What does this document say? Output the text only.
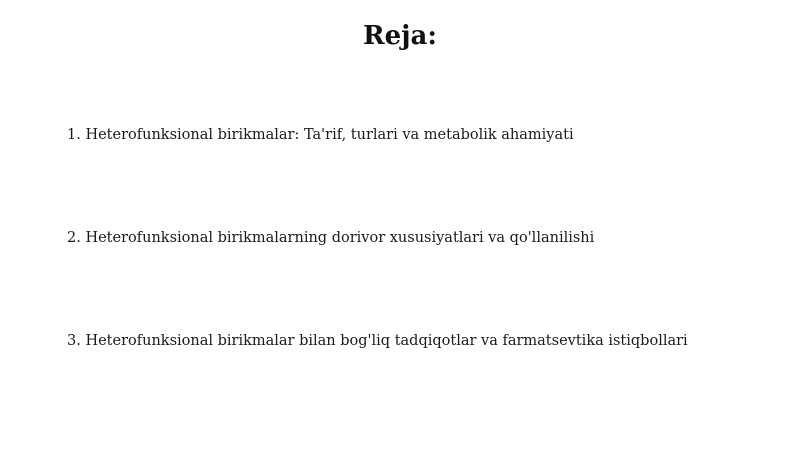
Reja:
1. Heterofunksional birikmalar: Ta'rif, turlari va metabolik ahamiyati
2. Heterofunksional birikmalarning dorivor xususiyatlari va qo'llanilishi
3. Heterofunksional birikmalar bilan bog'liq tadqiqotlar va farmatsevtika istiqbollari
